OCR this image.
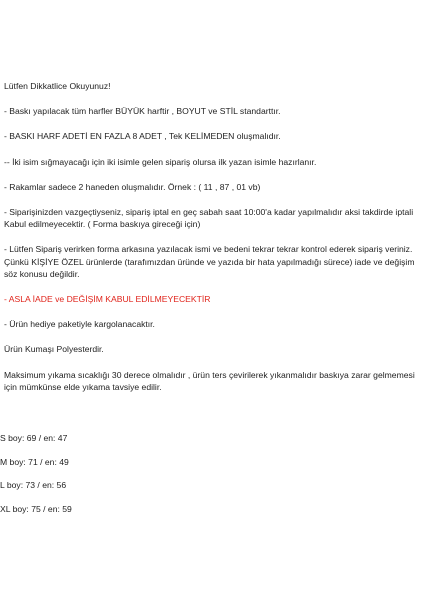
Lütfen Dikkatlice Okuyunuz!

- Baskı yapılacak tüm harfler BÜYÜK harftir , BOYUT ve STİL standarttır.

- BASKI HARF ADETİ EN FAZLA 8 ADET , Tek KELİMEDEN oluşmalıdır.

-- İki isim sığmayacağı için iki isimle gelen sipariş olursa ilk yazan isimle hazırlanır.

- Rakamlar sadece 2 haneden oluşmalıdır. Örnek : ( 11 , 87 , 01 vb)

- Siparişinizden vazgeçtiyseniz, sipariş iptal en geç sabah saat 10:00'a kadar yapılmalıdır aksi takdirde iptali Kabul edilmeyecektir. ( Forma baskıya gireceği için)

- Lütfen Sipariş verirken forma arkasına yazılacak ismi ve bedeni tekrar tekrar kontrol ederek sipariş veriniz. Çünkü KİŞİYE ÖZEL ürünlerde (tarafımızdan üründe ve yazıda bir hata yapılmadığı sürece) iade ve değişim söz konusu değildir.

- ASLA İADE ve DEĞİŞİM KABUL EDİLMEYECEKTİR

- Ürün hediye paketiyle kargolanacaktır.

Ürün Kumaşı Polyesterdir.

Maksimum yıkama sıcaklığı 30 derece olmalıdır , ürün ters çevirilerek yıkanmalıdır baskıya zarar gelmemesi için mümkünse elde yıkama tavsiye edilir.

S boy: 69 / en: 47

M boy: 71 / en: 49

L boy: 73 / en: 56

XL boy: 75 / en: 59
